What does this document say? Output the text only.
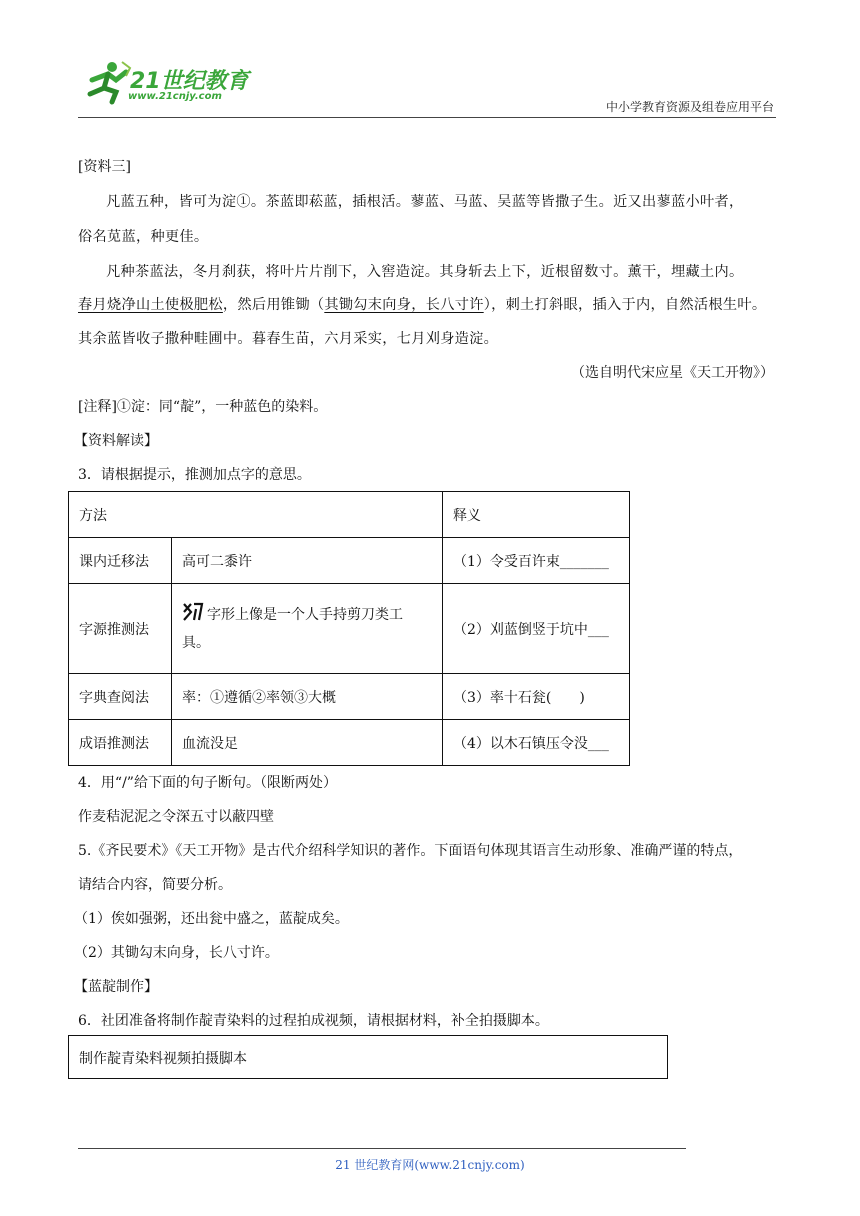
21世纪教育
www.21cnjy.com
中小学教育资源及组卷应用平台
[资料三]
凡蓝五种，皆可为淀①。茶蓝即菘蓝，插根活。蓼蓝、马蓝、吴蓝等皆撒子生。近又出蓼蓝小叶者，
俗名苋蓝，种更佳。
凡种茶蓝法，冬月刹获，将叶片片削下，入窖造淀。其身斩去上下，近根留数寸。薰干，埋藏土内。
春月烧净山土使极肥松，然后用锥锄（其锄勾末向身，长八寸许），刺土打斜眼，插入于内，自然活根生叶。
其余蓝皆收子撒种畦圃中。暮春生苗，六月采实，七月刈身造淀。
（选自明代宋应星《天工开物》）
[注释]①淀：同“靛”，一种蓝色的染料。
【资料解读】
3．请根据提示，推测加点字的意思。
方法		释义
课内迁移法	高可二黍许	（1）令受百许束_______
字源推测法	字形上像是一个人手持剪刀类工
具。	（2）刈蓝倒竖于坑中___
字典查阅法	率：①遵循②率领③大概	（3）率十石瓮(　　)
成语推测法	血流没足	（4）以木石镇压令没___
4．用“/”给下面的句子断句。（限断两处）
作麦秸泥泥之令深五寸以蔽四壁
5.《齐民要术》《天工开物》是古代介绍科学知识的著作。下面语句体现其语言生动形象、准确严谨的特点，
请结合内容，简要分析。
（1）俟如强粥，还出瓮中盛之，蓝靛成矣。
（2）其锄勾末向身，长八寸许。
【蓝靛制作】
6．社团准备将制作靛青染料的过程拍成视频，请根据材料，补全拍摄脚本。
制作靛青染料视频拍摄脚本
21 世纪教育网(www.21cnjy.com)
